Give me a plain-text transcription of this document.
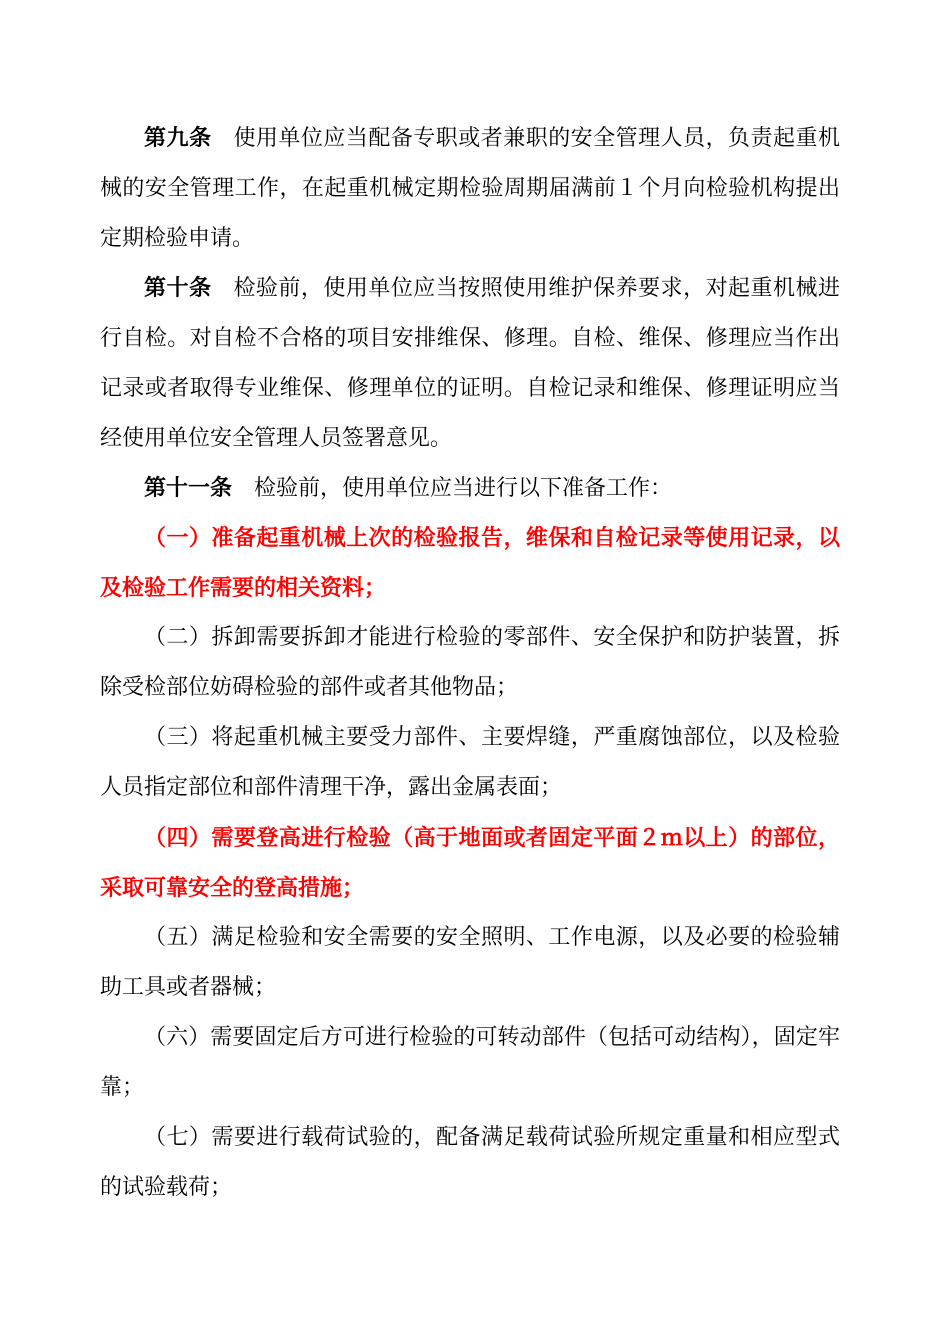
第九条 使用单位应当配备专职或者兼职的安全管理人员，负责起重机械的安全管理工作，在起重机械定期检验周期届满前１个月向检验机构提出定期检验申请。
第十条 检验前，使用单位应当按照使用维护保养要求，对起重机械进行自检。对自检不合格的项目安排维保、修理。自检、维保、修理应当作出记录或者取得专业维保、修理单位的证明。自检记录和维保、修理证明应当经使用单位安全管理人员签署意见。
第十一条 检验前，使用单位应当进行以下准备工作：
（一）准备起重机械上次的检验报告，维保和自检记录等使用记录，以及检验工作需要的相关资料；
（二）拆卸需要拆卸才能进行检验的零部件、安全保护和防护装置，拆除受检部位妨碍检验的部件或者其他物品；
（三）将起重机械主要受力部件、主要焊缝，严重腐蚀部位，以及检验人员指定部位和部件清理干净，露出金属表面；
（四）需要登高进行检验（高于地面或者固定平面２ｍ以上）的部位，采取可靠安全的登高措施；
（五）满足检验和安全需要的安全照明、工作电源，以及必要的检验辅助工具或者器械；
（六）需要固定后方可进行检验的可转动部件（包括可动结构），固定牢靠；
（七）需要进行载荷试验的，配备满足载荷试验所规定重量和相应型式的试验载荷；
